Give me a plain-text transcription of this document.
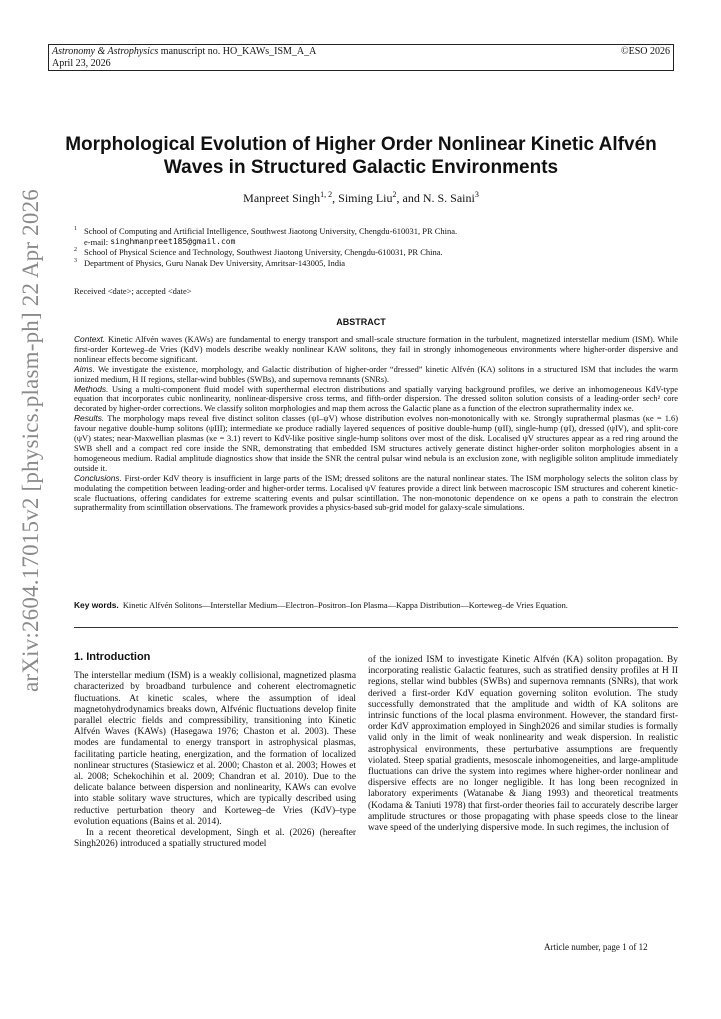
Astronomy & Astrophysics manuscript no. HO_KAWs_ISM_A_A	©ESO 2026
April 23, 2026
arXiv:2604.17015v2 [physics.plasm-ph] 22 Apr 2026
Morphological Evolution of Higher Order Nonlinear Kinetic Alfvén Waves in Structured Galactic Environments
Manpreet Singh$^{1, 2}$, Siming Liu$^2$, and N. S. Saini$^3$
1 School of Computing and Artificial Intelligence, Southwest Jiaotong University, Chengdu-610031, PR China.
e-mail:
singhmanpreet185@gmail.com
2 School of Physical Science and Technology, Southwest Jiaotong University, Chengdu-610031, PR China.
3 Department of Physics, Guru Nanak Dev University, Amritsar-143005, India
Received <date>; accepted <date>
ABSTRACT

Context. Kinetic Alfvén waves (KAWs) are fundamental to energy transport and small-scale structure formation in the turbulent, magnetized interstellar medium (ISM). While first-order Korteweg–de Vries (KdV) models describe weakly nonlinear KAW solitons, they fail in strongly inhomogeneous environments where higher-order dispersive and nonlinear effects become significant.

Aims. We investigate the existence, morphology, and Galactic distribution of higher-order “dressed” kinetic Alfvén (KA) solitons in a structured ISM that includes the warm ionized medium, H II regions, stellar-wind bubbles (SWBs), and supernova remnants (SNRs).

Methods. Using a multi-component fluid model with superthermal electron distributions and spatially varying background profiles, we derive an inhomogeneous KdV-type equation that incorporates cubic nonlinearity, nonlinear-dispersive cross terms, and fifth-order dispersion. The dressed soliton solution consists of a leading-order sech² core decorated by higher-order corrections. We classify soliton morphologies and map them across the Galactic plane as a function of the electron suprathermality index κe.

Results. The morphology maps reveal five distinct soliton classes (ψI–ψV) whose distribution evolves non-monotonically with κe. Strongly suprathermal plasmas (κe = 1.6) favour negative double-hump solitons (ψIII); intermediate κe produce radially layered sequences of positive double-hump (ψII), single-hump (ψI), dressed (ψIV), and split-core (ψV) states; near-Maxwellian plasmas (κe = 3.1) revert to KdV-like positive single-hump solitons over most of the disk. Localised ψV structures appear as a red ring around the SWB shell and a compact red core inside the SNR, demonstrating that embedded ISM structures actively generate distinct higher-order soliton morphologies absent in a homogeneous medium. Radial amplitude diagnostics show that inside the SNR the central pulsar wind nebula is an exclusion zone, with negligible soliton amplitude immediately outside it.

Conclusions. First-order KdV theory is insufficient in large parts of the ISM; dressed solitons are the natural nonlinear states. The ISM morphology selects the soliton class by modulating the competition between leading-order and higher-order terms. Localised ψV features provide a direct link between macroscopic ISM structures and coherent kinetic-scale fluctuations, offering candidates for extreme scattering events and pulsar scintillation. The non-monotonic dependence on κe opens a path to constrain the electron suprathermality from scintillation observations. The framework provides a physics-based sub-grid model for galaxy-scale simulations.

Key words. Kinetic Alfvén Solitons—Interstellar Medium—Electron–Positron–Ion Plasma—Kappa Distribution—Korteweg–de Vries Equation.
1. Introduction

The interstellar medium (ISM) is a weakly collisional, magnetized plasma characterized by broadband turbulence and coherent electromagnetic fluctuations. At kinetic scales, where the assumption of ideal magnetohydrodynamics breaks down, Alfvénic fluctuations develop finite parallel electric fields and compressibility, transitioning into Kinetic Alfvén Waves (KAWs) (Hasegawa 1976; Chaston et al. 2003). These modes are fundamental to energy transport in astrophysical plasmas, facilitating particle heating, energization, and the formation of localized nonlinear structures (Stasiewicz et al. 2000; Chaston et al. 2003; Howes et al. 2008; Schekochihin et al. 2009; Chandran et al. 2010). Due to the delicate balance between dispersion and nonlinearity, KAWs can evolve into stable solitary wave structures, which are typically described using reductive perturbation theory and Korteweg–de Vries (KdV)–type evolution equations (Bains et al. 2014).

In a recent theoretical development, Singh et al. (2026) (hereafter Singh2026) introduced a spatially structured model

of the ionized ISM to investigate Kinetic Alfvén (KA) soliton propagation. By incorporating realistic Galactic features, such as stratified density profiles at H II regions, stellar wind bubbles (SWBs) and supernova remnants (SNRs), that work derived a first-order KdV equation governing soliton evolution. The study successfully demonstrated that the amplitude and width of KA solitons are intrinsic functions of the local plasma environment. However, the standard first-order KdV approximation employed in Singh2026 and similar studies is formally valid only in the limit of weak nonlinearity and weak dispersion. In realistic astrophysical environments, these perturbative assumptions are frequently violated. Steep spatial gradients, mesoscale inhomogeneities, and large-amplitude fluctuations can drive the system into regimes where higher-order nonlinear and dispersive effects are no longer negligible. It has long been recognized in laboratory experiments (Watanabe & Jiang 1993) and theoretical treatments (Kodama & Taniuti 1978) that first-order theories fail to accurately describe larger amplitude structures or those propagating with phase speeds close to the linear wave speed of the underlying dispersive mode. In such regimes, the inclusion of

Article number, page 1 of 12
